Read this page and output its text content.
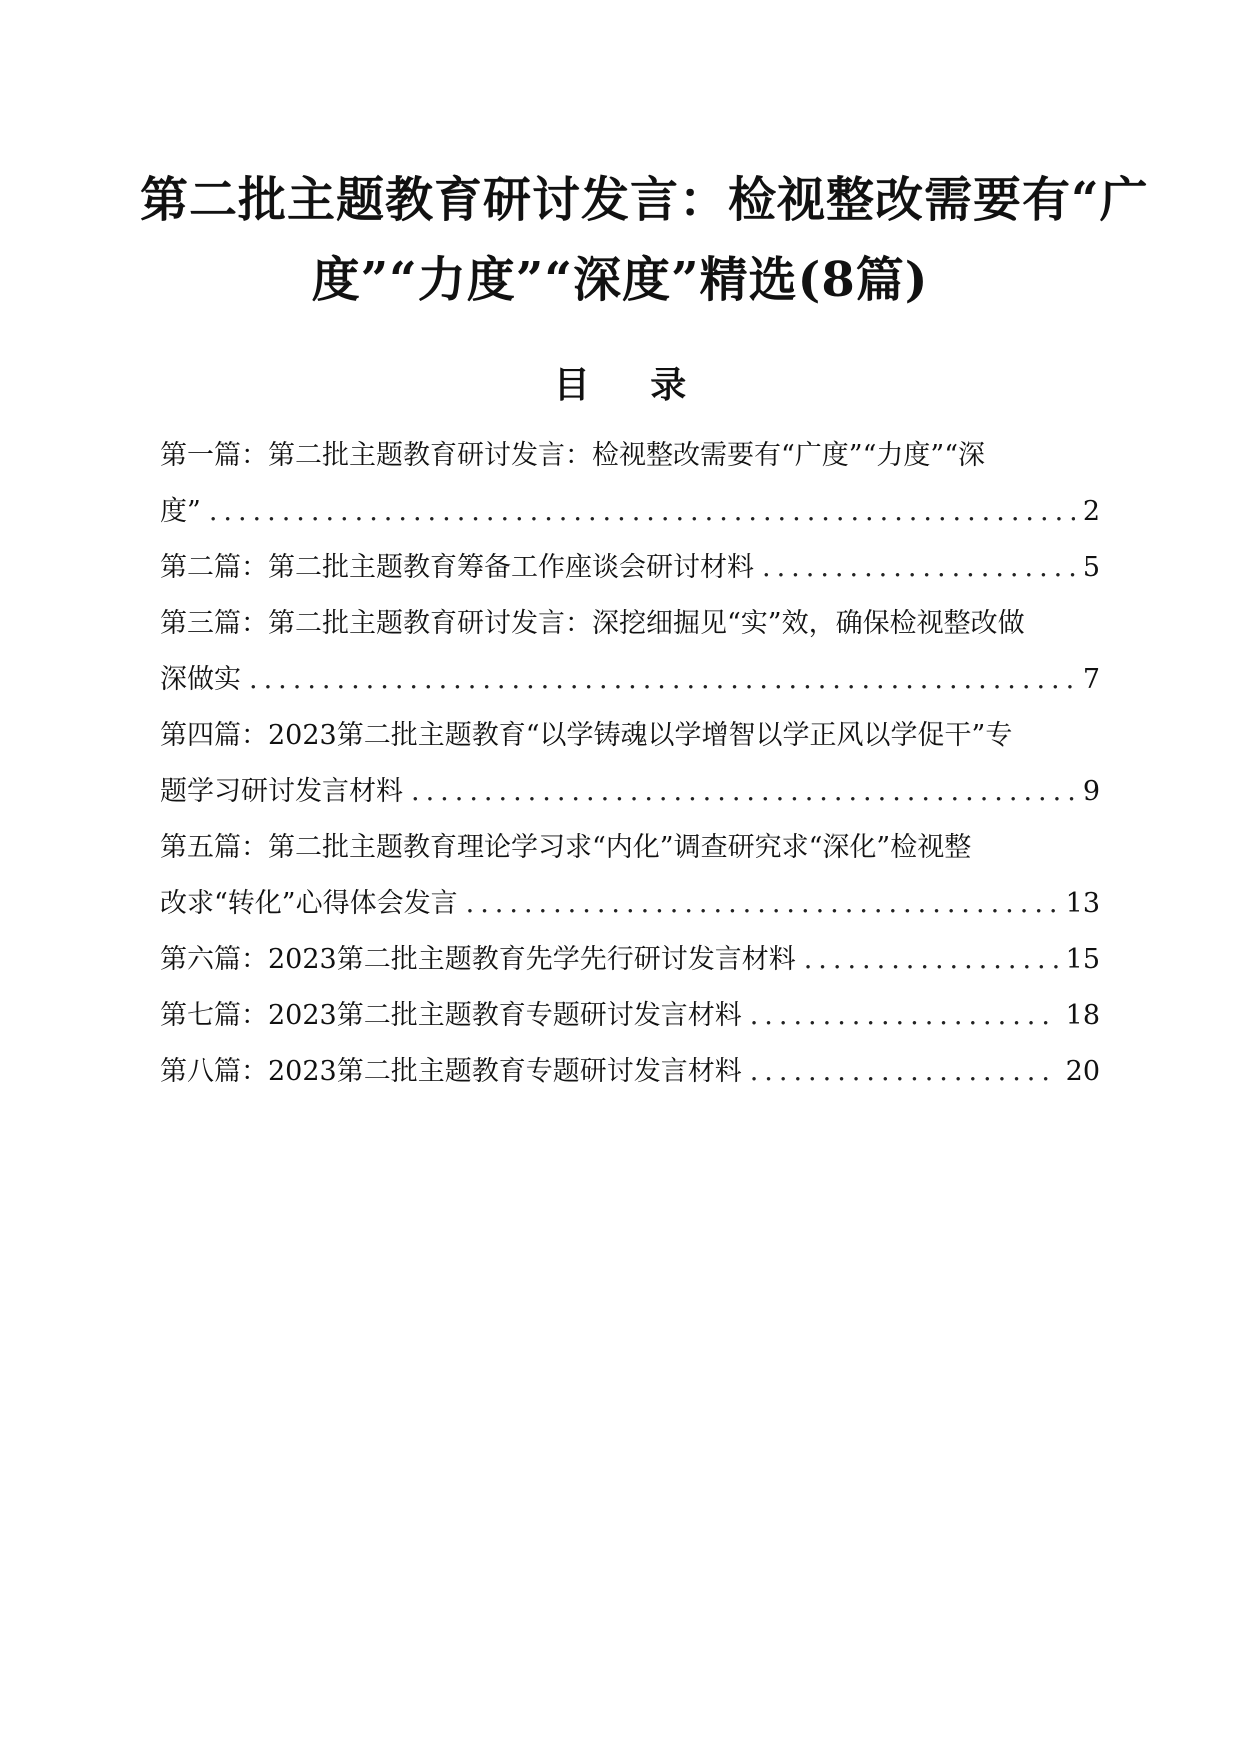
第二批主题教育研讨发言：检视整改需要有“广
度”“力度”“深度”精选(8篇)
目 录
第一篇：第二批主题教育研讨发言：检视整改需要有“广度”“力度”“深
度” .....	2
第二篇：第二批主题教育筹备工作座谈会研讨材料 .....	5
第三篇：第二批主题教育研讨发言：深挖细掘见“实”效，确保检视整改做
深做实 .....	7
第四篇：2023第二批主题教育“以学铸魂以学增智以学正风以学促干”专
题学习研讨发言材料 .....	9
第五篇：第二批主题教育理论学习求“内化”调查研究求“深化”检视整
改求“转化”心得体会发言 .....	13
第六篇：2023第二批主题教育先学先行研讨发言材料 .....	15
第七篇：2023第二批主题教育专题研讨发言材料 .....	18
第八篇：2023第二批主题教育专题研讨发言材料 .....	20
